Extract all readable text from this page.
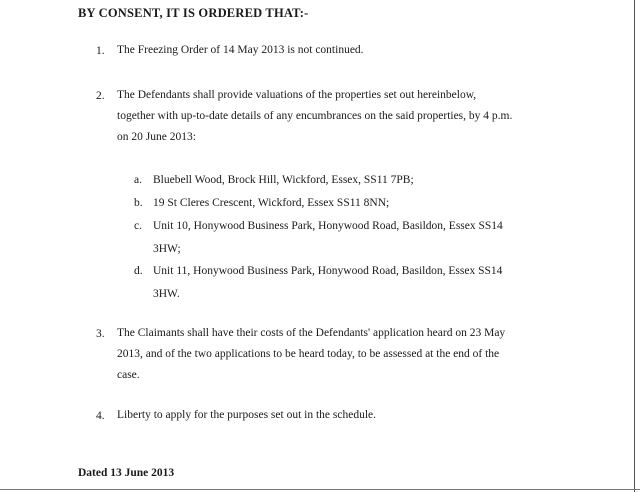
BY CONSENT, IT IS ORDERED THAT:-
1. The Freezing Order of 14 May 2013 is not continued.
2. The Defendants shall provide valuations of the properties set out hereinbelow,
together with up-to-date details of any encumbrances on the said properties, by 4 p.m.
on 20 June 2013:
a. Bluebell Wood, Brock Hill, Wickford, Essex, SS11 7PB;
b. 19 St Cleres Crescent, Wickford, Essex SS11 8NN;
c. Unit 10, Honywood Business Park, Honywood Road, Basildon, Essex SS14
3HW;
d. Unit 11, Honywood Business Park, Honywood Road, Basildon, Essex SS14
3HW.
3. The Claimants shall have their costs of the Defendants' application heard on 23 May
2013, and of the two applications to be heard today, to be assessed at the end of the
case.
4. Liberty to apply for the purposes set out in the schedule.
Dated 13 June 2013
